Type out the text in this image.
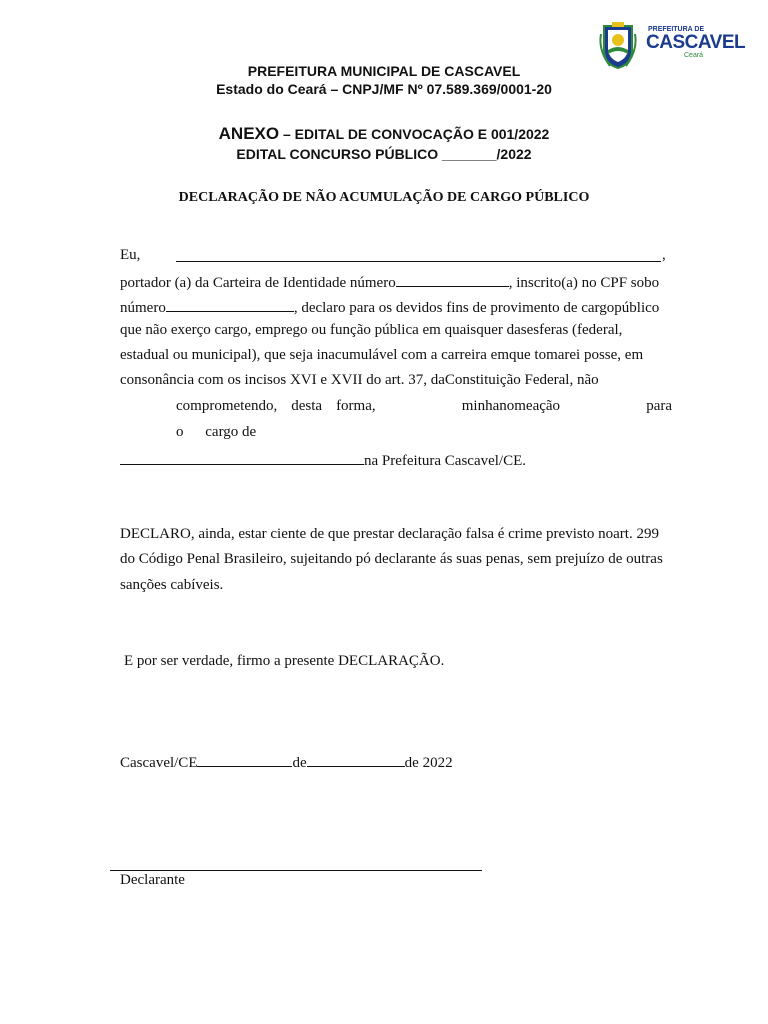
PREFEITURA DE
CASCAVEL
Ceará
PREFEITURA MUNICIPAL DE CASCAVEL
Estado do Ceará – CNPJ/MF Nº 07.589.369/0001-20
ANEXO – EDITAL DE CONVOCAÇÃO E 001/2022
EDITAL CONCURSO PÚBLICO _______/2022
DECLARAÇÃO DE NÃO ACUMULAÇÃO DE CARGO PÚBLICO
Eu,	,
portador (a) da Carteira de Identidade número	, inscrito(a) no CPF sobo
número	, declaro para os devidos fins de provimento de cargopúblico
que não exerço cargo, emprego ou função pública em quaisquer dasesferas (federal,
estadual ou municipal), que seja inacumulável com a carreira emque tomarei posse, em
consonância com os incisos XVI e XVII do art. 37, daConstituição Federal, não
comprometendo, desta forma,	minhanomeação	para
o cargo de
na Prefeitura Cascavel/CE.
DECLARO, ainda, estar ciente de que prestar declaração falsa é crime previsto noart. 299
do Código Penal Brasileiro, sujeitando pó declarante ás suas penas, sem prejuízo de outras
sanções cabíveis.
E por ser verdade, firmo a presente DECLARAÇÃO.
Cascavel/CE	de	de 2022
Declarante
